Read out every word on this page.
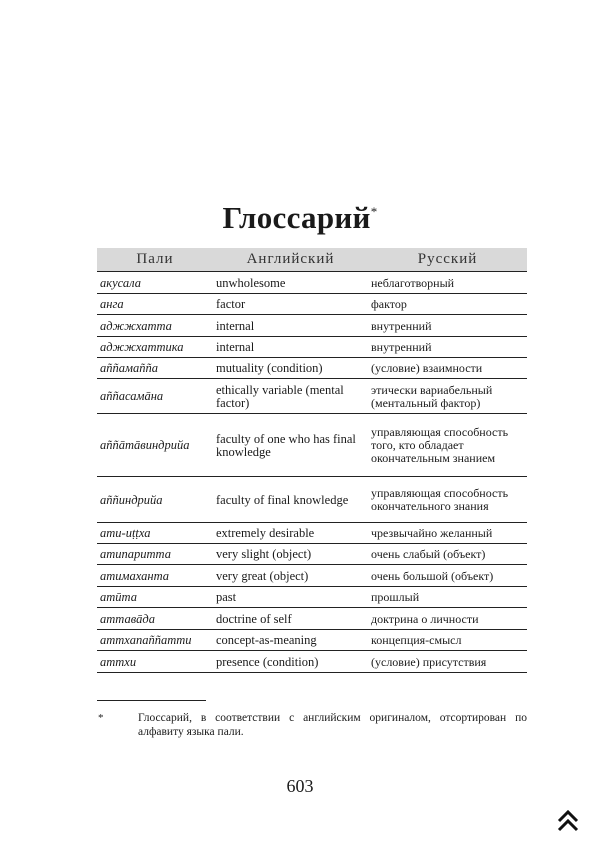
Глоссарий*
Пали	Английский	Русский
акусала	unwholesome	неблаготворный
анга	factor	фактор
аджжхатта	internal	внутренний
аджжхаттика	internal	внутренний
аññамаññа	mutuality (condition)	(условие) взаимности
аññасамāна	ethically variable (mental factor)	этически вариабельный (ментальный фактор)
аññāтāвиндрийа	faculty of one who has final knowledge	управляющая способность того, кто обладает окончательным знанием
аññиндрийа	faculty of final knowledge	управляющая способность окончательного знания
ати-иṭṭха	extremely desirable	чрезвычайно желанный
атипаритта	very slight (object)	очень слабый (объект)
атимаханта	very great (object)	очень большой (объект)
атӣта	past	прошлый
аттавāда	doctrine of self	доктрина о личности
аттхапаññатти	concept-as-meaning	концепция-смысл
аттхи	presence (condition)	(условие) присутствия
*	Глоссарий, в соответствии с английским оригиналом, отсортирован по алфавиту языка пали.
603
